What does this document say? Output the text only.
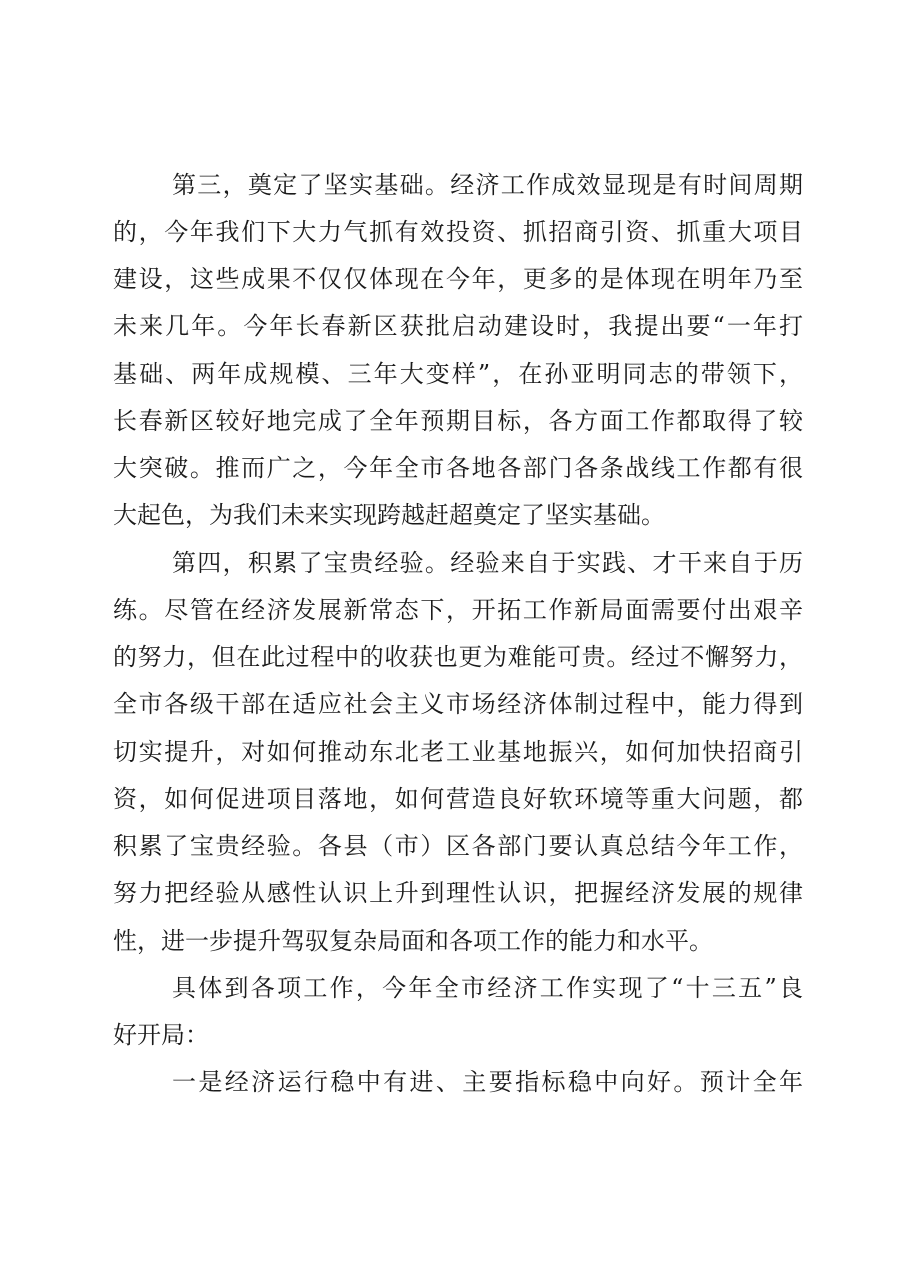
第三，奠定了坚实基础。经济工作成效显现是有时间周期
的，今年我们下大力气抓有效投资、抓招商引资、抓重大项目
建设，这些成果不仅仅体现在今年，更多的是体现在明年乃至
未来几年。今年长春新区获批启动建设时，我提出要“一年打
基础、两年成规模、三年大变样”，在孙亚明同志的带领下，
长春新区较好地完成了全年预期目标，各方面工作都取得了较
大突破。推而广之，今年全市各地各部门各条战线工作都有很
大起色，为我们未来实现跨越赶超奠定了坚实基础。
第四，积累了宝贵经验。经验来自于实践、才干来自于历
练。尽管在经济发展新常态下，开拓工作新局面需要付出艰辛
的努力，但在此过程中的收获也更为难能可贵。经过不懈努力，
全市各级干部在适应社会主义市场经济体制过程中，能力得到
切实提升，对如何推动东北老工业基地振兴，如何加快招商引
资，如何促进项目落地，如何营造良好软环境等重大问题，都
积累了宝贵经验。各县（市）区各部门要认真总结今年工作，
努力把经验从感性认识上升到理性认识，把握经济发展的规律
性，进一步提升驾驭复杂局面和各项工作的能力和水平。
具体到各项工作，今年全市经济工作实现了“十三五”良
好开局：
一是经济运行稳中有进、主要指标稳中向好。预计全年
